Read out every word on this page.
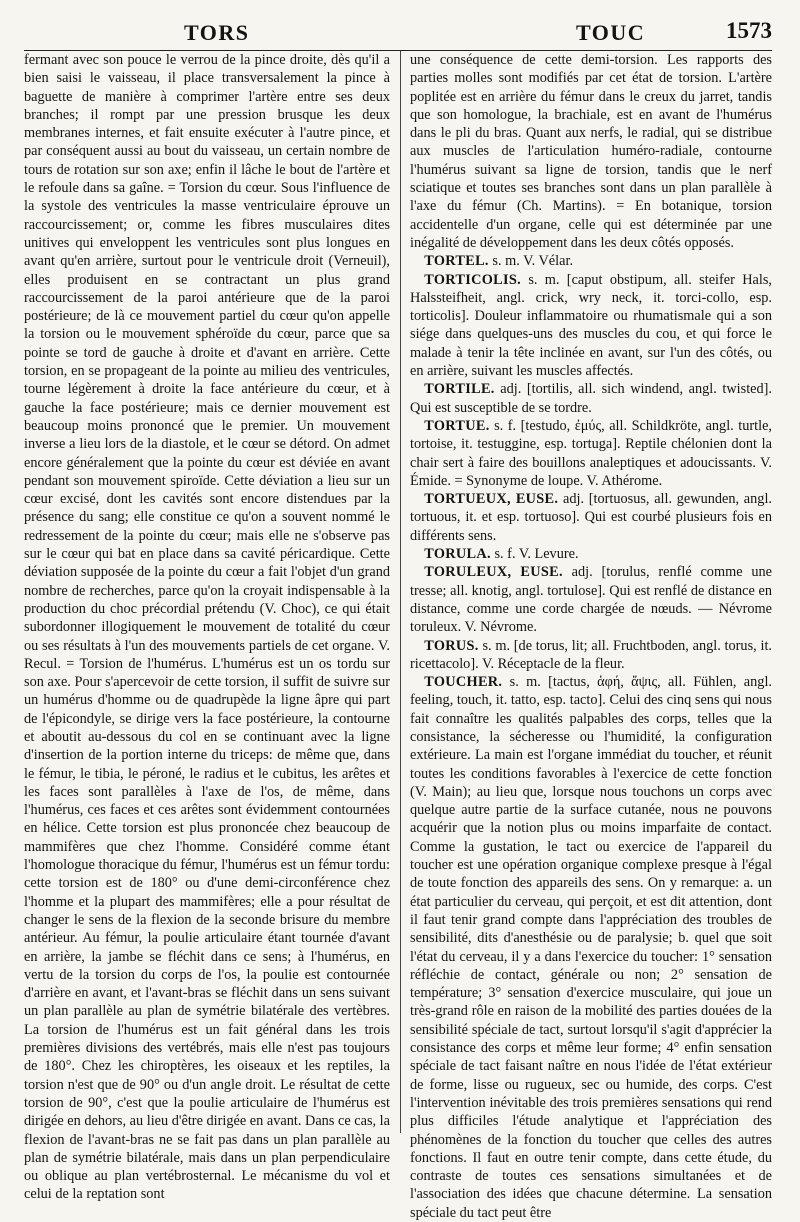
TORS	TOUC	1573

fermant avec son pouce le verrou de la pince droite, dès qu'il a bien saisi le vaisseau, il place transversalement la pince à baguette de manière à comprimer l'artère entre ses deux branches; il rompt par une pression brusque les deux membranes internes, et fait ensuite exécuter à l'autre pince, et par conséquent aussi au bout du vaisseau, un certain nombre de tours de rotation sur son axe; enfin il lâche le bout de l'artère et le refoule dans sa gaîne. = Torsion du cœur. Sous l'influence de la systole des ventricules la masse ventriculaire éprouve un raccourcissement; or, comme les fibres musculaires dites unitives qui enveloppent les ventricules sont plus longues en avant qu'en arrière, surtout pour le ventricule droit (Verneuil), elles produisent en se contractant un plus grand raccourcissement de la paroi antérieure que de la paroi postérieure; de là ce mouvement partiel du cœur qu'on appelle la torsion ou le mouvement sphéroïde du cœur, parce que sa pointe se tord de gauche à droite et d'avant en arrière. Cette torsion, en se propageant de la pointe au milieu des ventricules, tourne légèrement à droite la face antérieure du cœur, et à gauche la face postérieure; mais ce dernier mouvement est beaucoup moins prononcé que le premier. Un mouvement inverse a lieu lors de la diastole, et le cœur se détord. On admet encore généralement que la pointe du cœur est déviée en avant pendant son mouvement spiroïde. Cette déviation a lieu sur un cœur excisé, dont les cavités sont encore distendues par la présence du sang; elle constitue ce qu'on a souvent nommé le redressement de la pointe du cœur; mais elle ne s'observe pas sur le cœur qui bat en place dans sa cavité péricardique. Cette déviation supposée de la pointe du cœur a fait l'objet d'un grand nombre de recherches, parce qu'on la croyait indispensable à la production du choc précordial prétendu (V. Choc), ce qui était subordonner illogiquement le mouvement de totalité du cœur ou ses résultats à l'un des mouvements partiels de cet organe. V. Recul. = Torsion de l'humérus. L'humérus est un os tordu sur son axe. Pour s'apercevoir de cette torsion, il suffit de suivre sur un humérus d'homme ou de quadrupède la ligne âpre qui part de l'épicondyle, se dirige vers la face postérieure, la contourne et aboutit au-dessous du col en se continuant avec la ligne d'insertion de la portion interne du triceps: de même que, dans le fémur, le tibia, le péroné, le radius et le cubitus, les arêtes et les faces sont parallèles à l'axe de l'os, de même, dans l'humérus, ces faces et ces arêtes sont évidemment contournées en hélice. Cette torsion est plus prononcée chez beaucoup de mammifères que chez l'homme. Considéré comme étant l'homologue thoracique du fémur, l'humérus est un fémur tordu: cette torsion est de 180° ou d'une demi-circonférence chez l'homme et la plupart des mammifères; elle a pour résultat de changer le sens de la flexion de la seconde brisure du membre antérieur. Au fémur, la poulie articulaire étant tournée d'avant en arrière, la jambe se fléchit dans ce sens; à l'humérus, en vertu de la torsion du corps de l'os, la poulie est contournée d'arrière en avant, et l'avant-bras se fléchit dans un sens suivant un plan parallèle au plan de symétrie bilatérale des vertèbres. La torsion de l'humérus est un fait général dans les trois premières divisions des vertébrés, mais elle n'est pas toujours de 180°. Chez les chiroptères, les oiseaux et les reptiles, la torsion n'est que de 90° ou d'un angle droit. Le résultat de cette torsion de 90°, c'est que la poulie articulaire de l'humérus est dirigée en dehors, au lieu d'être dirigée en avant. Dans ce cas, la flexion de l'avant-bras ne se fait pas dans un plan parallèle au plan de symétrie bilatérale, mais dans un plan perpendiculaire ou oblique au plan vertébrosternal. Le mécanisme du vol et celui de la reptation sont

une conséquence de cette demi-torsion. Les rapports des parties molles sont modifiés par cet état de torsion. L'artère poplitée est en arrière du fémur dans le creux du jarret, tandis que son homologue, la brachiale, est en avant de l'humérus dans le pli du bras. Quant aux nerfs, le radial, qui se distribue aux muscles de l'articulation huméro-radiale, contourne l'humérus suivant sa ligne de torsion, tandis que le nerf sciatique et toutes ses branches sont dans un plan parallèle à l'axe du fémur (Ch. Martins). = En botanique, torsion accidentelle d'un organe, celle qui est déterminée par une inégalité de développement dans les deux côtés opposés.

 TORTEL. s. m. V. Vélar.

 TORTICOLIS. s. m. [caput obstipum, all. steifer Hals, Halssteifheit, angl. crick, wry neck, it. torci-collo, esp. torticolis]. Douleur inflammatoire ou rhumatismale qui a son siége dans quelques-uns des muscles du cou, et qui force le malade à tenir la tête inclinée en avant, sur l'un des côtés, ou en arrière, suivant les muscles affectés.

 TORTILE. adj. [tortilis, all. sich windend, angl. twisted]. Qui est susceptible de se tordre.

 TORTUE. s. f. [testudo, ἐμύς, all. Schildkröte, angl. turtle, tortoise, it. testuggine, esp. tortuga]. Reptile chélonien dont la chair sert à faire des bouillons analeptiques et adoucissants. V. Émide. = Synonyme de loupe. V. Athérome.

 TORTUEUX, EUSE. adj. [tortuosus, all. gewunden, angl. tortuous, it. et esp. tortuoso]. Qui est courbé plusieurs fois en différents sens.

 TORULA. s. f. V. Levure.

 TORULEUX, EUSE. adj. [torulus, renflé comme une tresse; all. knotig, angl. tortulose]. Qui est renflé de distance en distance, comme une corde chargée de nœuds. — Névrome toruleux. V. Névrome.

 TORUS. s. m. [de torus, lit; all. Fruchtboden, angl. torus, it. ricettacolo]. V. Réceptacle de la fleur.

 TOUCHER. s. m. [tactus, ἁφή, ἅψις, all. Fühlen, angl. feeling, touch, it. tatto, esp. tacto]. Celui des cinq sens qui nous fait connaître les qualités palpables des corps, telles que la consistance, la sécheresse ou l'humidité, la configuration extérieure. La main est l'organe immédiat du toucher, et réunit toutes les conditions favorables à l'exercice de cette fonction (V. Main); au lieu que, lorsque nous touchons un corps avec quelque autre partie de la surface cutanée, nous ne pouvons acquérir que la notion plus ou moins imparfaite de contact. Comme la gustation, le tact ou exercice de l'appareil du toucher est une opération organique complexe presque à l'égal de toute fonction des appareils des sens. On y remarque: a. un état particulier du cerveau, qui perçoit, et est dit attention, dont il faut tenir grand compte dans l'appréciation des troubles de sensibilité, dits d'anesthésie ou de paralysie; b. quel que soit l'état du cerveau, il y a dans l'exercice du toucher: 1° sensation réfléchie de contact, générale ou non; 2° sensation de température; 3° sensation d'exercice musculaire, qui joue un très-grand rôle en raison de la mobilité des parties douées de la sensibilité spéciale de tact, surtout lorsqu'il s'agit d'apprécier la consistance des corps et même leur forme; 4° enfin sensation spéciale de tact faisant naître en nous l'idée de l'état extérieur de forme, lisse ou rugueux, sec ou humide, des corps. C'est l'intervention inévitable des trois premières sensations qui rend plus difficiles l'étude analytique et l'appréciation des phénomènes de la fonction du toucher que celles des autres fonctions. Il faut en outre tenir compte, dans cette étude, du contraste de toutes ces sensations simultanées et de l'association des idées que chacune détermine. La sensation spéciale du tact peut être
